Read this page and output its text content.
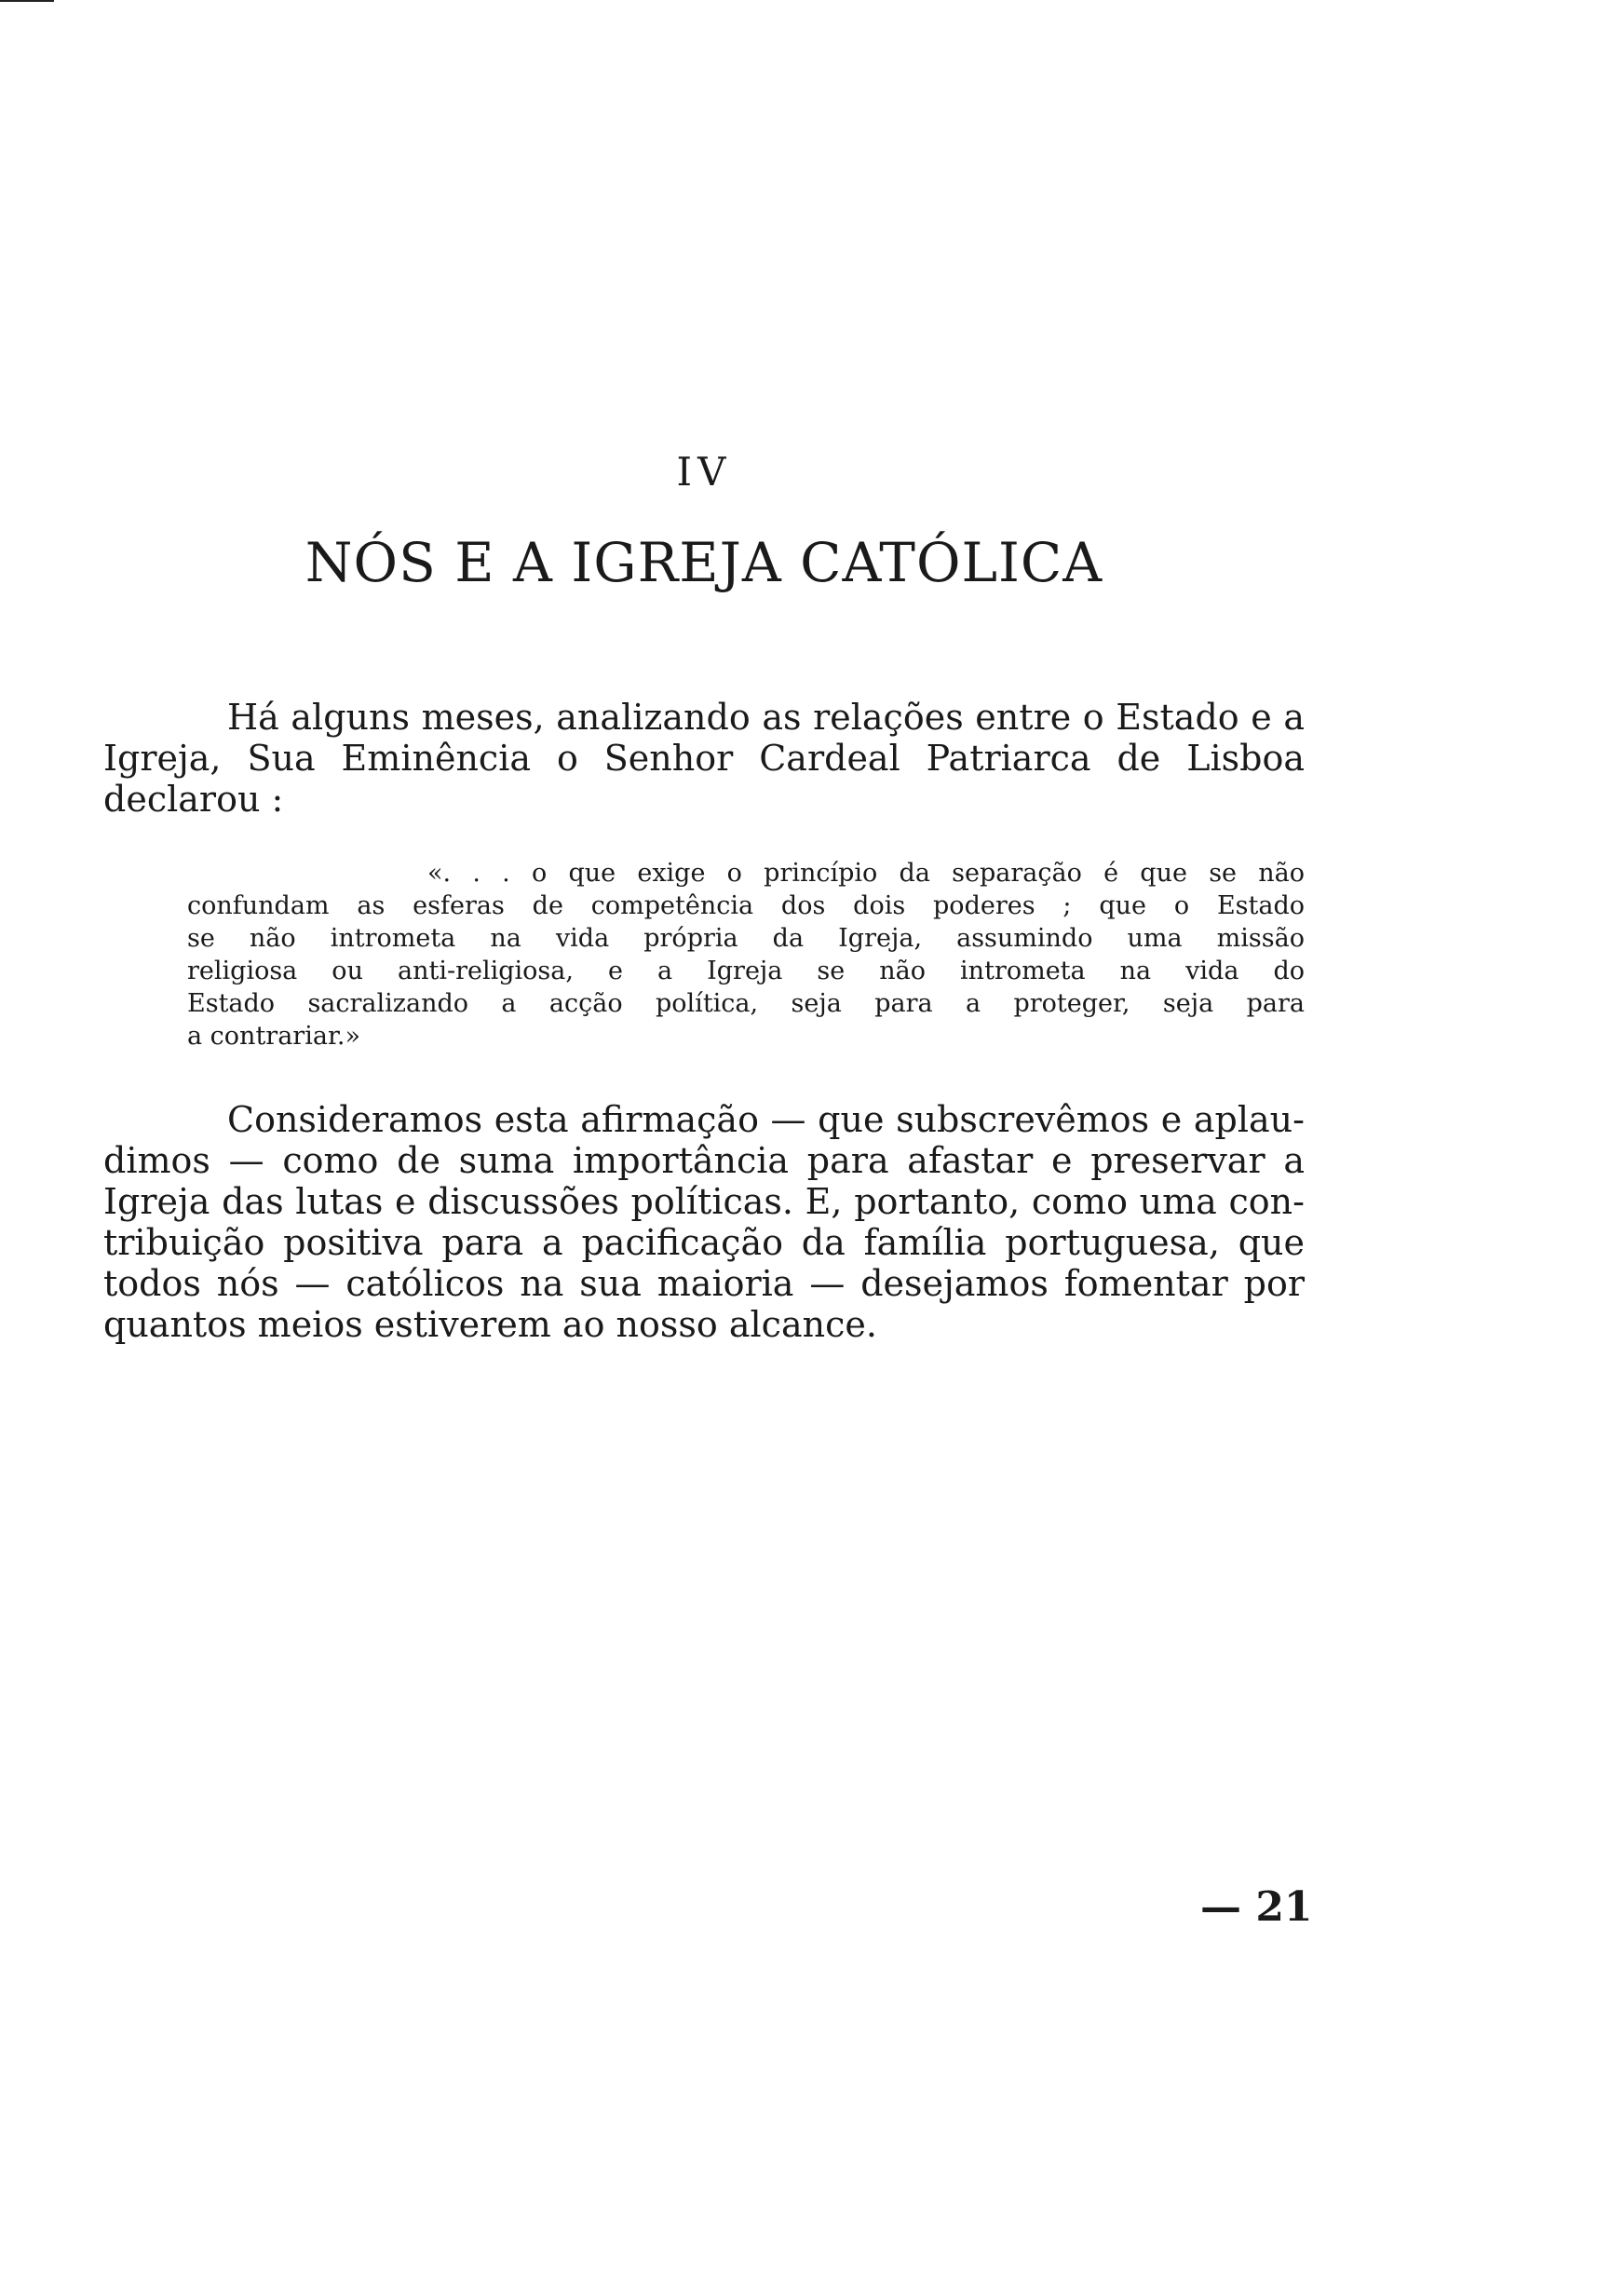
IV
NÓS E A IGREJA CATÓLICA
Há alguns meses, analizando as relações entre o Estado e a
Igreja, Sua Eminência o Senhor Cardeal Patriarca de Lisboa
declarou :
«. . . o que exige o princípio da separação é que se não
confundam as esferas de competência dos dois poderes ; que o Estado
se não intrometa na vida própria da Igreja, assumindo uma missão
religiosa ou anti-religiosa, e a Igreja se não intrometa na vida do
Estado sacralizando a acção política, seja para a proteger, seja para
a contrariar.»
Consideramos esta afirmação — que subscrevêmos e aplau-
dimos — como de suma importância para afastar e preservar a
Igreja das lutas e discussões políticas. E, portanto, como uma con-
tribuição positiva para a pacificação da família portuguesa, que
todos nós — católicos na sua maioria — desejamos fomentar por
quantos meios estiverem ao nosso alcance.

— 21
